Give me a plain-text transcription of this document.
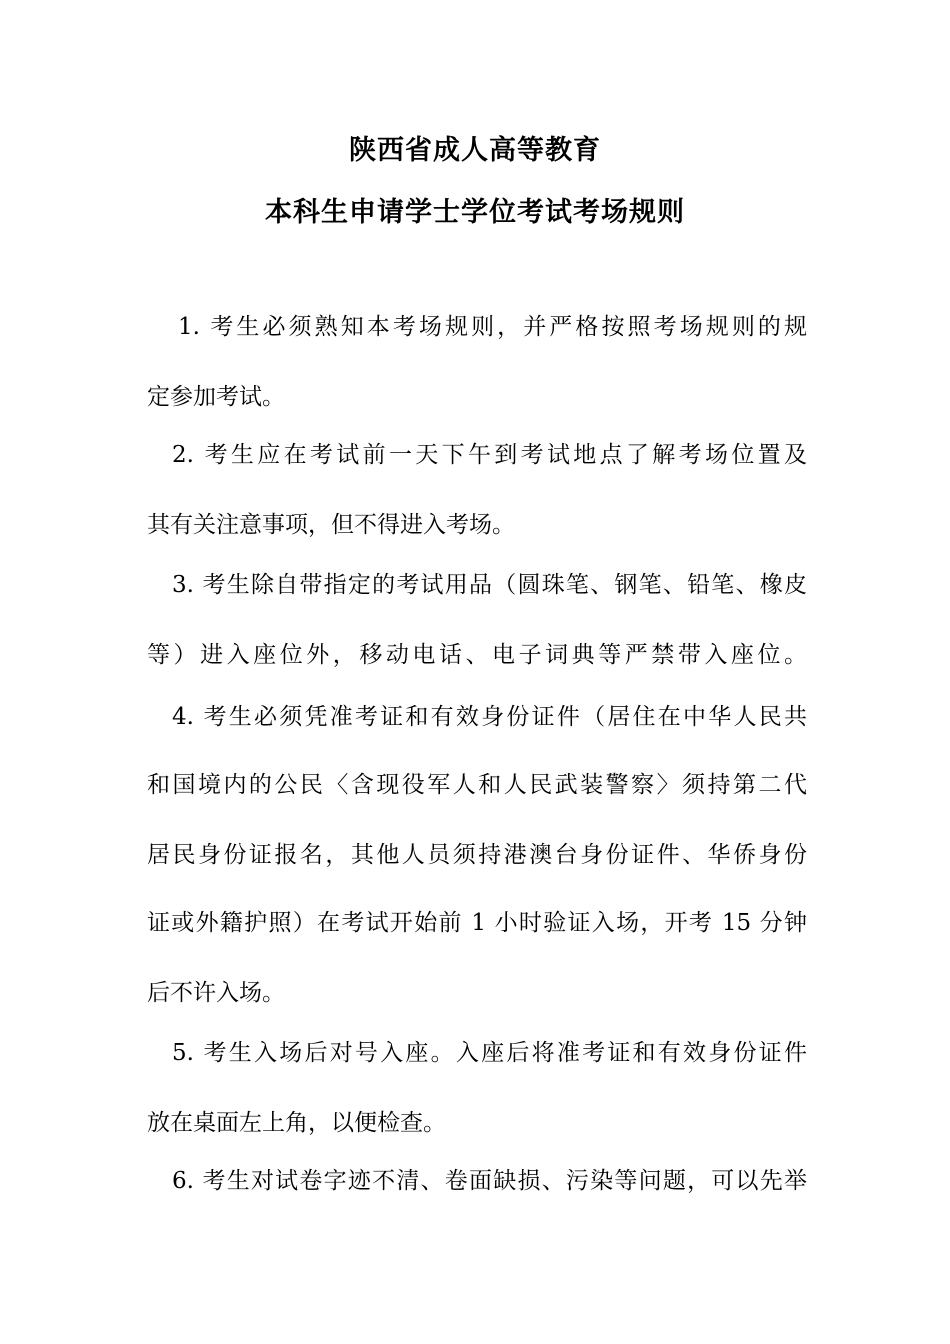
陕西省成人高等教育
本科生申请学士学位考试考场规则
1. 考生必须熟知本考场规则，并严格按照考场规则的规
定参加考试。
2. 考生应在考试前一天下午到考试地点了解考场位置及
其有关注意事项，但不得进入考场。
3. 考生除自带指定的考试用品（圆珠笔、钢笔、铅笔、橡皮
等）进入座位外，移动电话、电子词典等严禁带入座位。
4. 考生必须凭准考证和有效身份证件（居住在中华人民共
和国境内的公民〈含现役军人和人民武装警察〉须持第二代
居民身份证报名，其他人员须持港澳台身份证件、华侨身份
证或外籍护照）在考试开始前 1 小时验证入场，开考 15 分钟
后不许入场。
5. 考生入场后对号入座。入座后将准考证和有效身份证件
放在桌面左上角，以便检查。
6. 考生对试卷字迹不清、卷面缺损、污染等问题，可以先举
